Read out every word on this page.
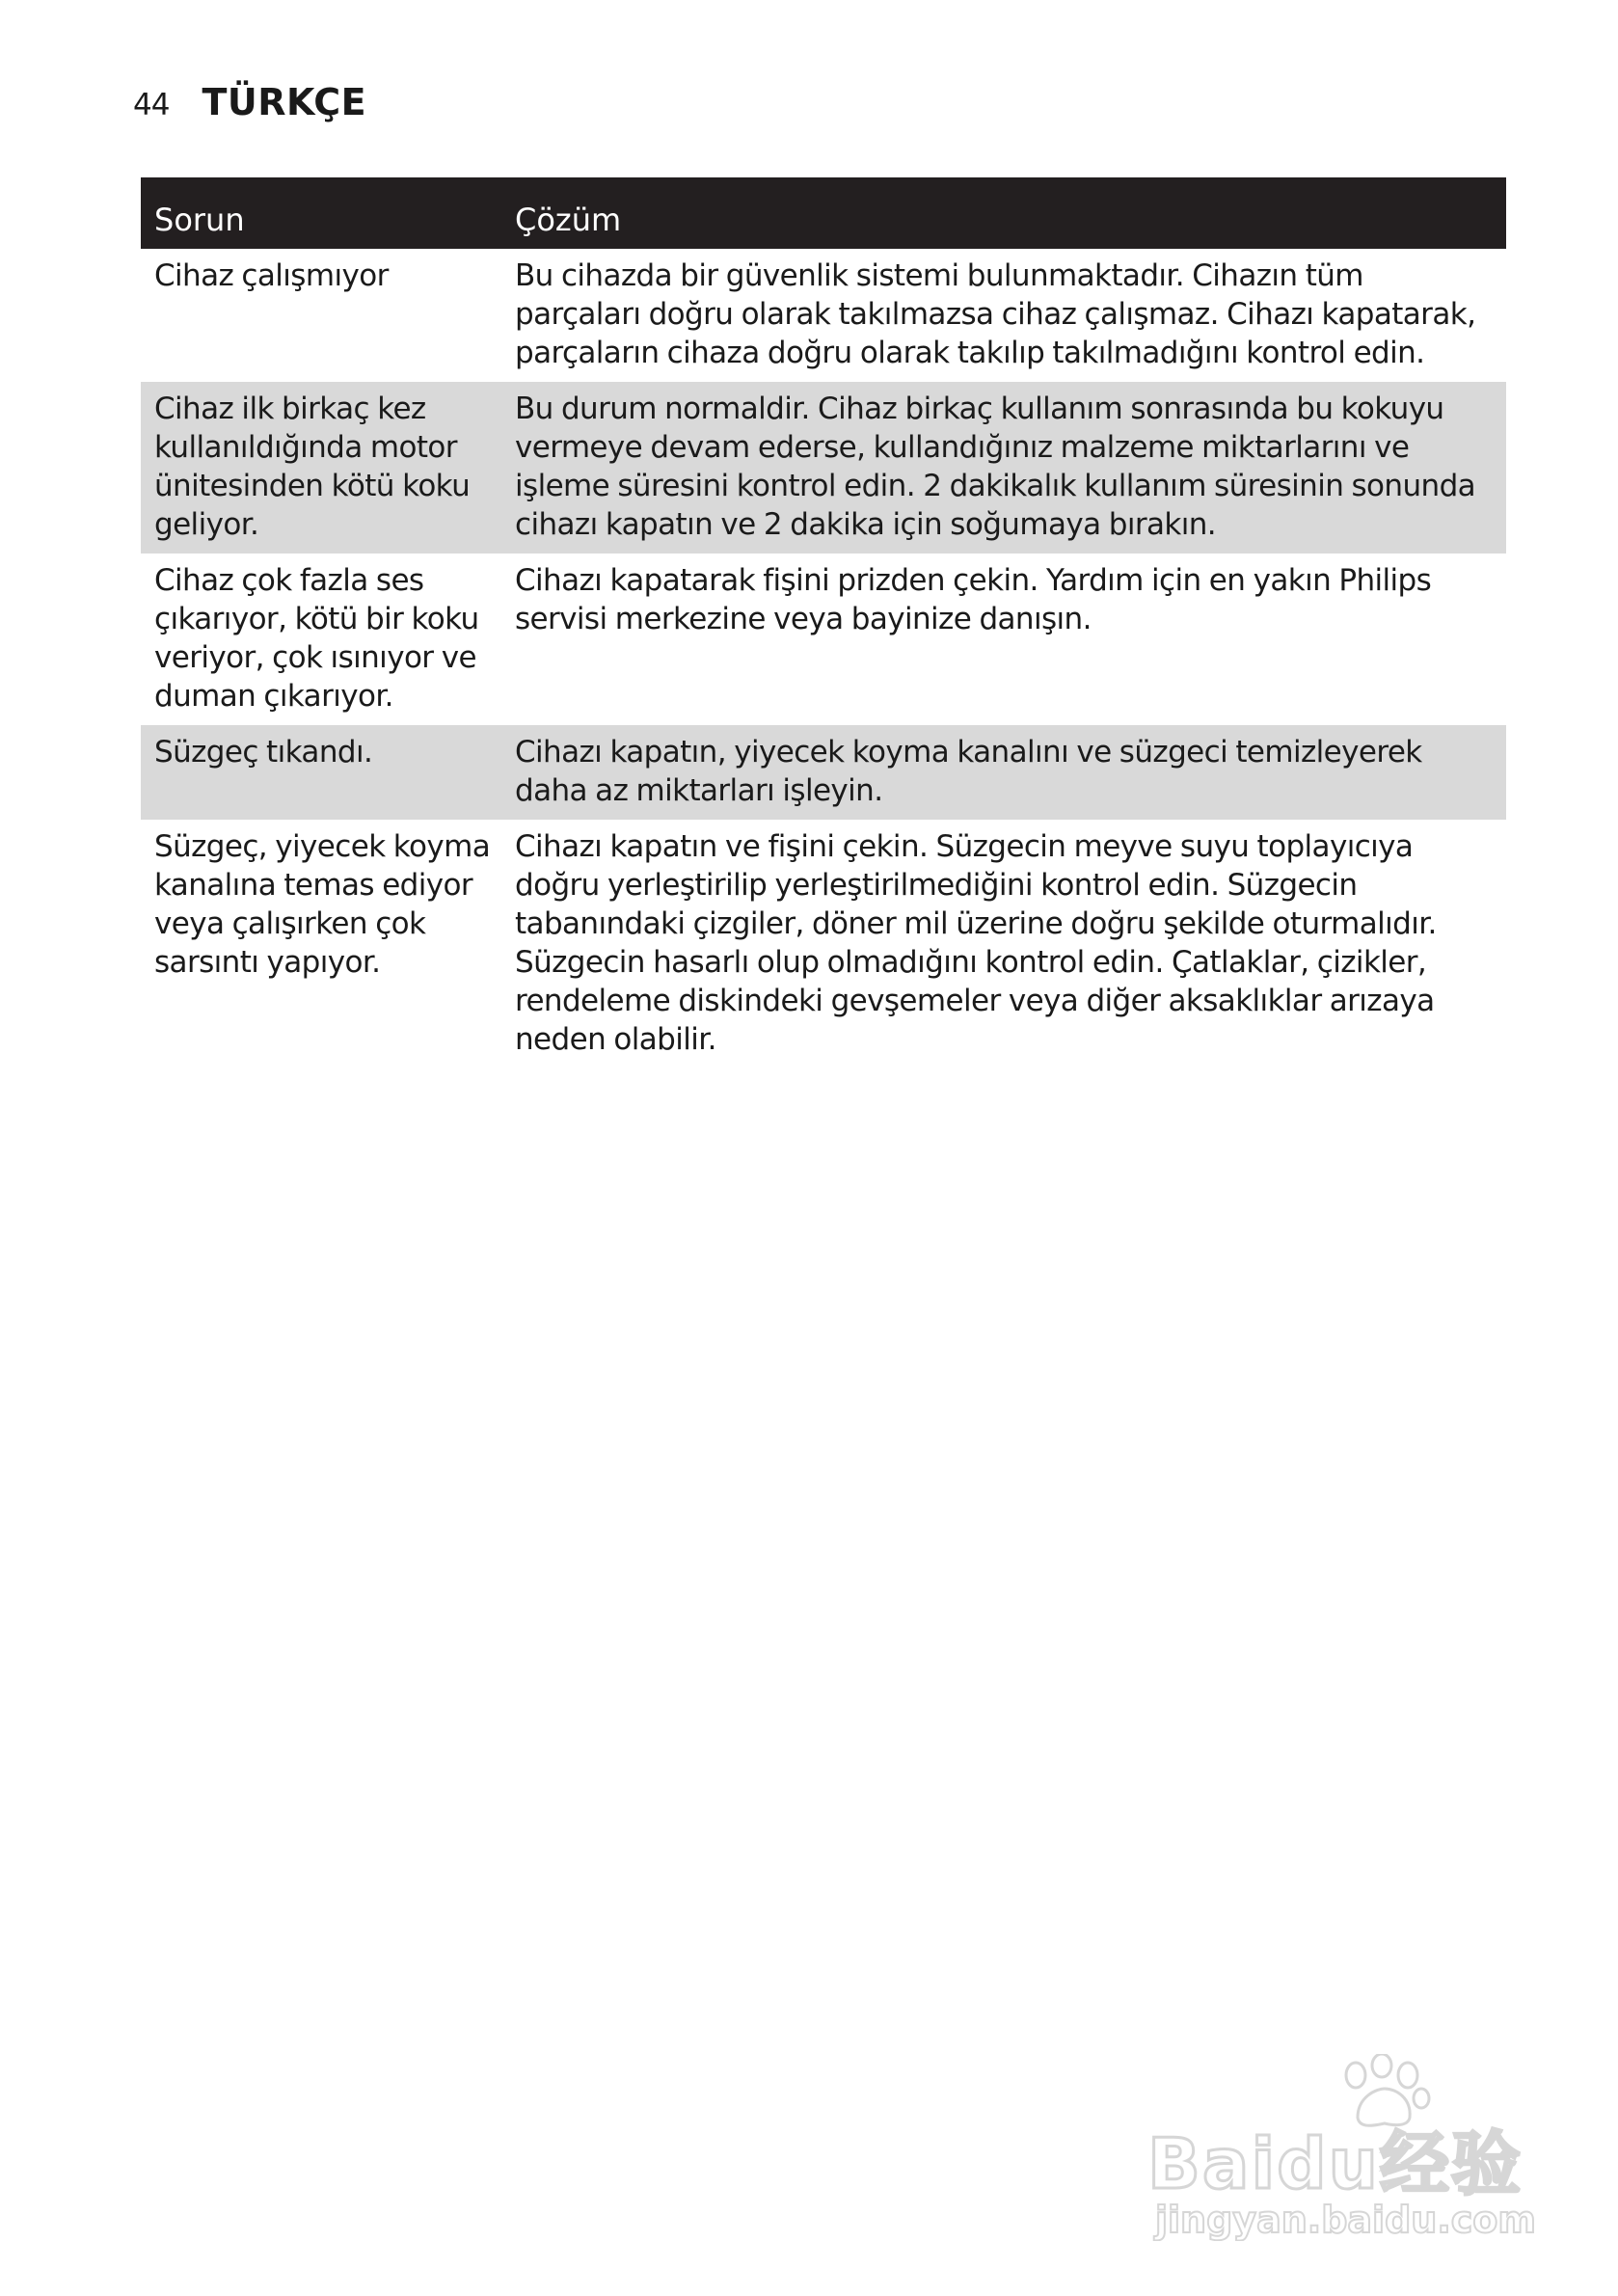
44 TÜRKÇE
Sorun	Çözüm
Cihaz çalışmıyor	Bu cihazda bir güvenlik sistemi bulunmaktadır. Cihazın tüm parçaları doğru olarak takılmazsa cihaz çalışmaz. Cihazı kapatarak, parçaların cihaza doğru olarak takılıp takılmadığını kontrol edin.
Cihaz ilk birkaç kez kullanıldığında motor ünitesinden kötü koku geliyor.	Bu durum normaldir. Cihaz birkaç kullanım sonrasında bu kokuyu vermeye devam ederse, kullandığınız malzeme miktarlarını ve işleme süresini kontrol edin. 2 dakikalık kullanım süresinin sonunda cihazı kapatın ve 2 dakika için soğumaya bırakın.
Cihaz çok fazla ses çıkarıyor, kötü bir koku veriyor, çok ısınıyor ve duman çıkarıyor.	Cihazı kapatarak fişini prizden çekin. Yardım için en yakın Philips servisi merkezine veya bayinize danışın.
Süzgeç tıkandı.	Cihazı kapatın, yiyecek koyma kanalını ve süzgeci temizleyerek daha az miktarları işleyin.
Süzgeç, yiyecek koyma kanalına temas ediyor veya çalışırken çok sarsıntı yapıyor.	Cihazı kapatın ve fişini çekin. Süzgecin meyve suyu toplayıcıya doğru yerleştirilip yerleştirilmediğini kontrol edin. Süzgecin tabanındaki çizgiler, döner mil üzerine doğru şekilde oturmalıdır. Süzgecin hasarlı olup olmadığını kontrol edin. Çatlaklar, çizikler, rendeleme diskindeki gevşemeler veya diğer aksaklıklar arızaya neden olabilir.
Baidu经验
jingyan.baidu.com
